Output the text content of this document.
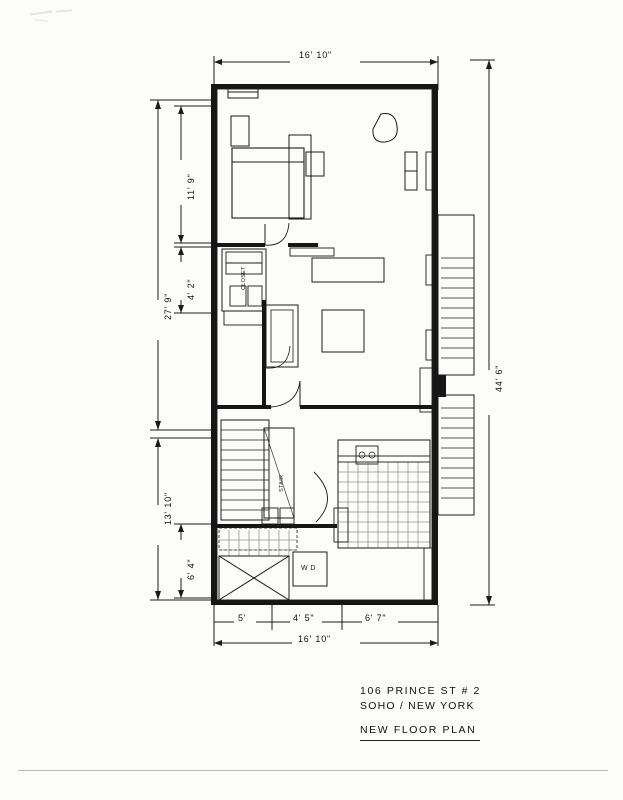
16' 10"
44' 6"
27' 9"
11' 9"
4' 2"
13' 10"
6' 4"
5'	4' 5"	6' 7"
16' 10"
CLOSET
STAIR
W D
106 PRINCE ST # 2
SOHO / NEW YORK
NEW FLOOR PLAN
